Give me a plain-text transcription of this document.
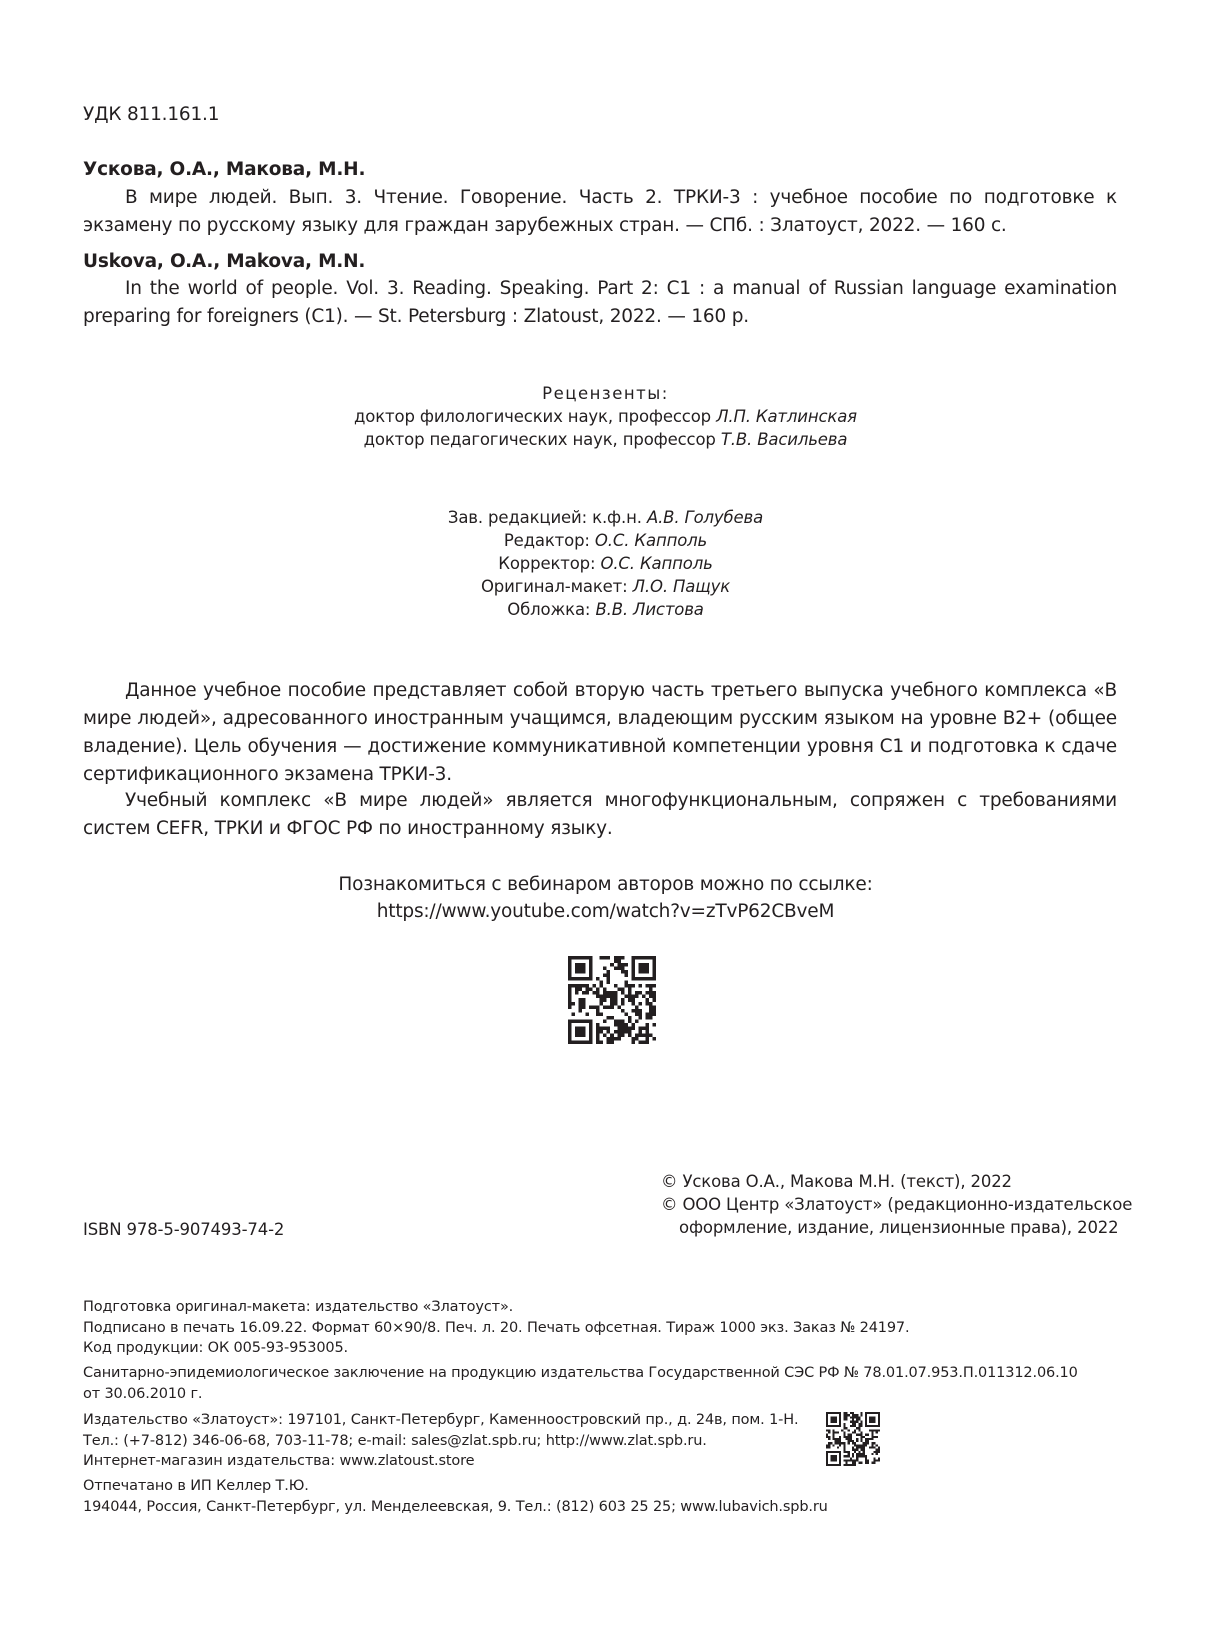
УДК 811.161.1
Ускова, О.А., Макова, М.Н.

В мире людей. Вып. 3. Чтение. Говорение. Часть 2. ТРКИ-3 : учебное пособие по подготовке к экзамену по русскому языку для граждан зарубежных стран. — СПб. : Златоуст, 2022. — 160 с.

Uskova, O.A., Makova, M.N.

In the world of people. Vol. 3. Reading. Speaking. Part 2: C1 : a manual of Russian language examination preparing for foreigners (C1). — St. Petersburg : Zlatoust, 2022. — 160 p.

Рецензенты:
доктор филологических наук, профессор Л.П. Катлинская
доктор педагогических наук, профессор Т.В. Васильева
Зав. редакцией: к.ф.н. А.В. Голубева
Редактор: О.С. Капполь
Корректор: О.С. Капполь
Оригинал-макет: Л.О. Пащук
Обложка: В.В. Листова

Данное учебное пособие представляет собой вторую часть третьего выпуска учебного комплекса «В мире людей», адресованного иностранным учащимся, владеющим русским языком на уровне В2+ (общее владение). Цель обучения — достижение коммуникативной компетенции уровня С1 и подготовка к сдаче сертификационного экзамена ТРКИ-3.

Учебный комплекс «В мире людей» является многофункциональным, сопряжен с требованиями систем CEFR, ТРКИ и ФГОС РФ по иностранному языку.

Познакомиться с вебинаром авторов можно по ссылке:
https://www.youtube.com/watch?v=zTvP62CBveM
© Ускова О.А., Макова М.Н. (текст), 2022
© ООО Центр «Златоуст» (редакционно-издательское
оформление, издание, лицензионные права), 2022
ISBN 978-5-907493-74-2
Подготовка оригинал-макета: издательство «Златоуст».
Подписано в печать 16.09.22. Формат 60×90/8. Печ. л. 20. Печать офсетная. Тираж 1000 экз. Заказ № 24197.
Код продукции: ОК 005-93-953005.
Санитарно-эпидемиологическое заключение на продукцию издательства Государственной СЭС РФ № 78.01.07.953.П.011312.06.10
от 30.06.2010 г.
Издательство «Златоуст»: 197101, Санкт-Петербург, Каменноостровский пр., д. 24в, пом. 1-Н.
Тел.: (+7-812) 346-06-68, 703-11-78; e-mail: sales@zlat.spb.ru; http://www.zlat.spb.ru.
Интернет-магазин издательства: www.zlatoust.store
Отпечатано в ИП Келлер Т.Ю.
194044, Россия, Санкт-Петербург, ул. Менделеевская, 9. Тел.: (812) 603 25 25; www.lubavich.spb.ru
